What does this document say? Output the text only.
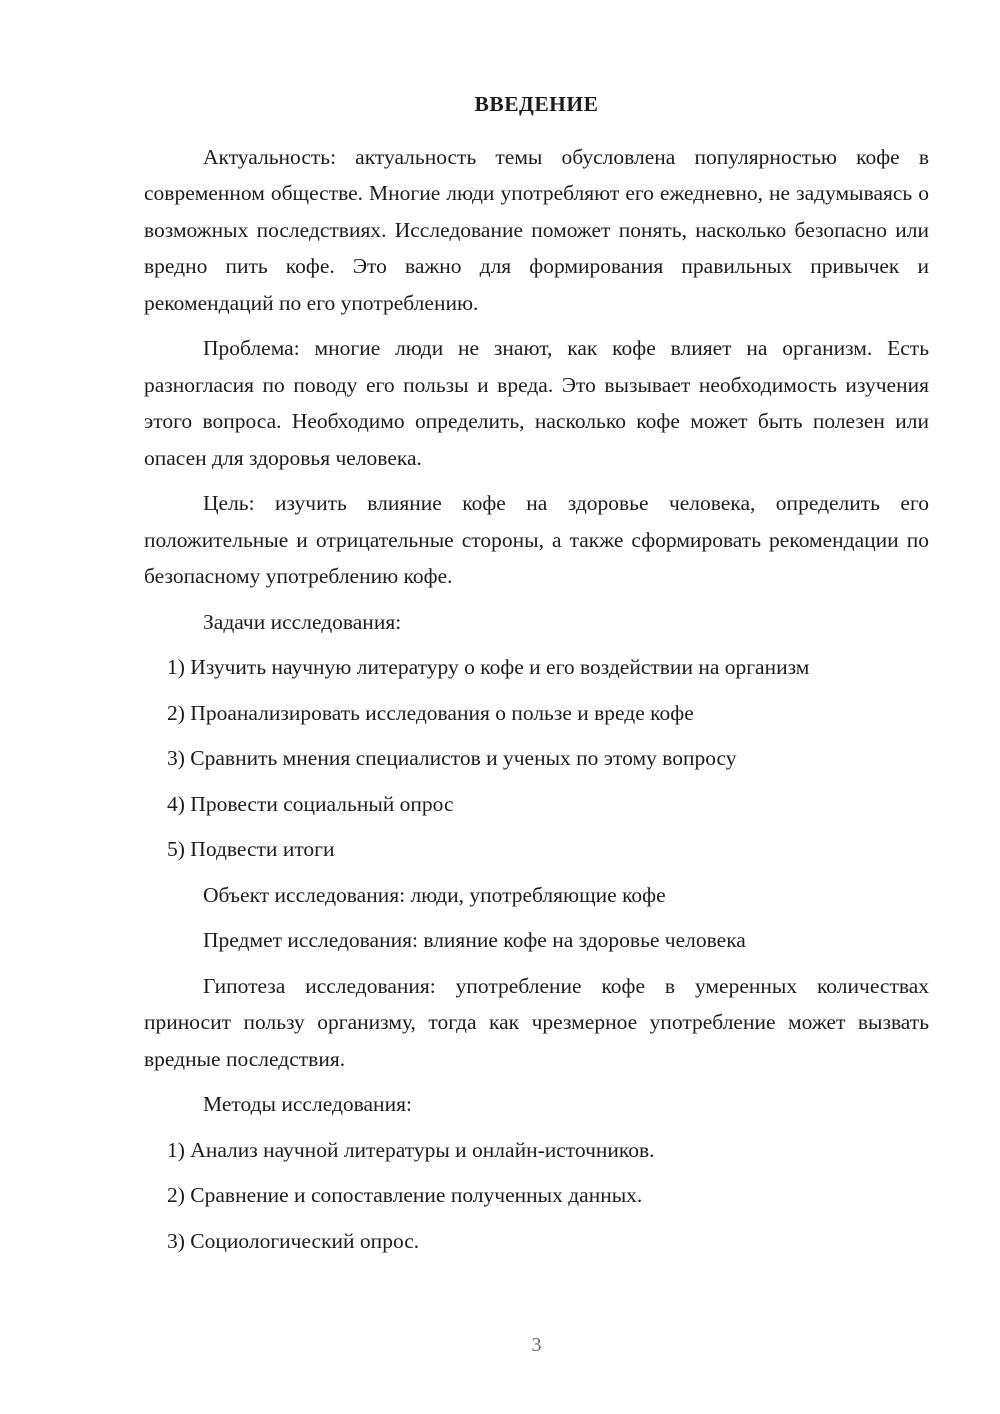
ВВЕДЕНИЕ

Актуальность: актуальность темы обусловлена популярностью кофе в современном обществе. Многие люди употребляют его ежедневно, не задумываясь о возможных последствиях. Исследование поможет понять, насколько безопасно или вредно пить кофе. Это важно для формирования правильных привычек и рекомендаций по его употреблению.

Проблема: многие люди не знают, как кофе влияет на организм. Есть разногласия по поводу его пользы и вреда. Это вызывает необходимость изучения этого вопроса. Необходимо определить, насколько кофе может быть полезен или опасен для здоровья человека.

Цель: изучить влияние кофе на здоровье человека, определить его положительные и отрицательные стороны, а также сформировать рекомендации по безопасному употреблению кофе.

Задачи исследования:

1) Изучить научную литературу о кофе и его воздействии на организм
2) Проанализировать исследования о пользе и вреде кофе
3) Сравнить мнения специалистов и ученых по этому вопросу
4) Провести социальный опрос
5) Подвести итоги

Объект исследования: люди, употребляющие кофе

Предмет исследования: влияние кофе на здоровье человека

Гипотеза исследования: употребление кофе в умеренных количествах приносит пользу организму, тогда как чрезмерное употребление может вызвать вредные последствия.

Методы исследования:

1) Анализ научной литературы и онлайн-источников.
2) Сравнение и сопоставление полученных данных.
3) Социологический опрос.
3
